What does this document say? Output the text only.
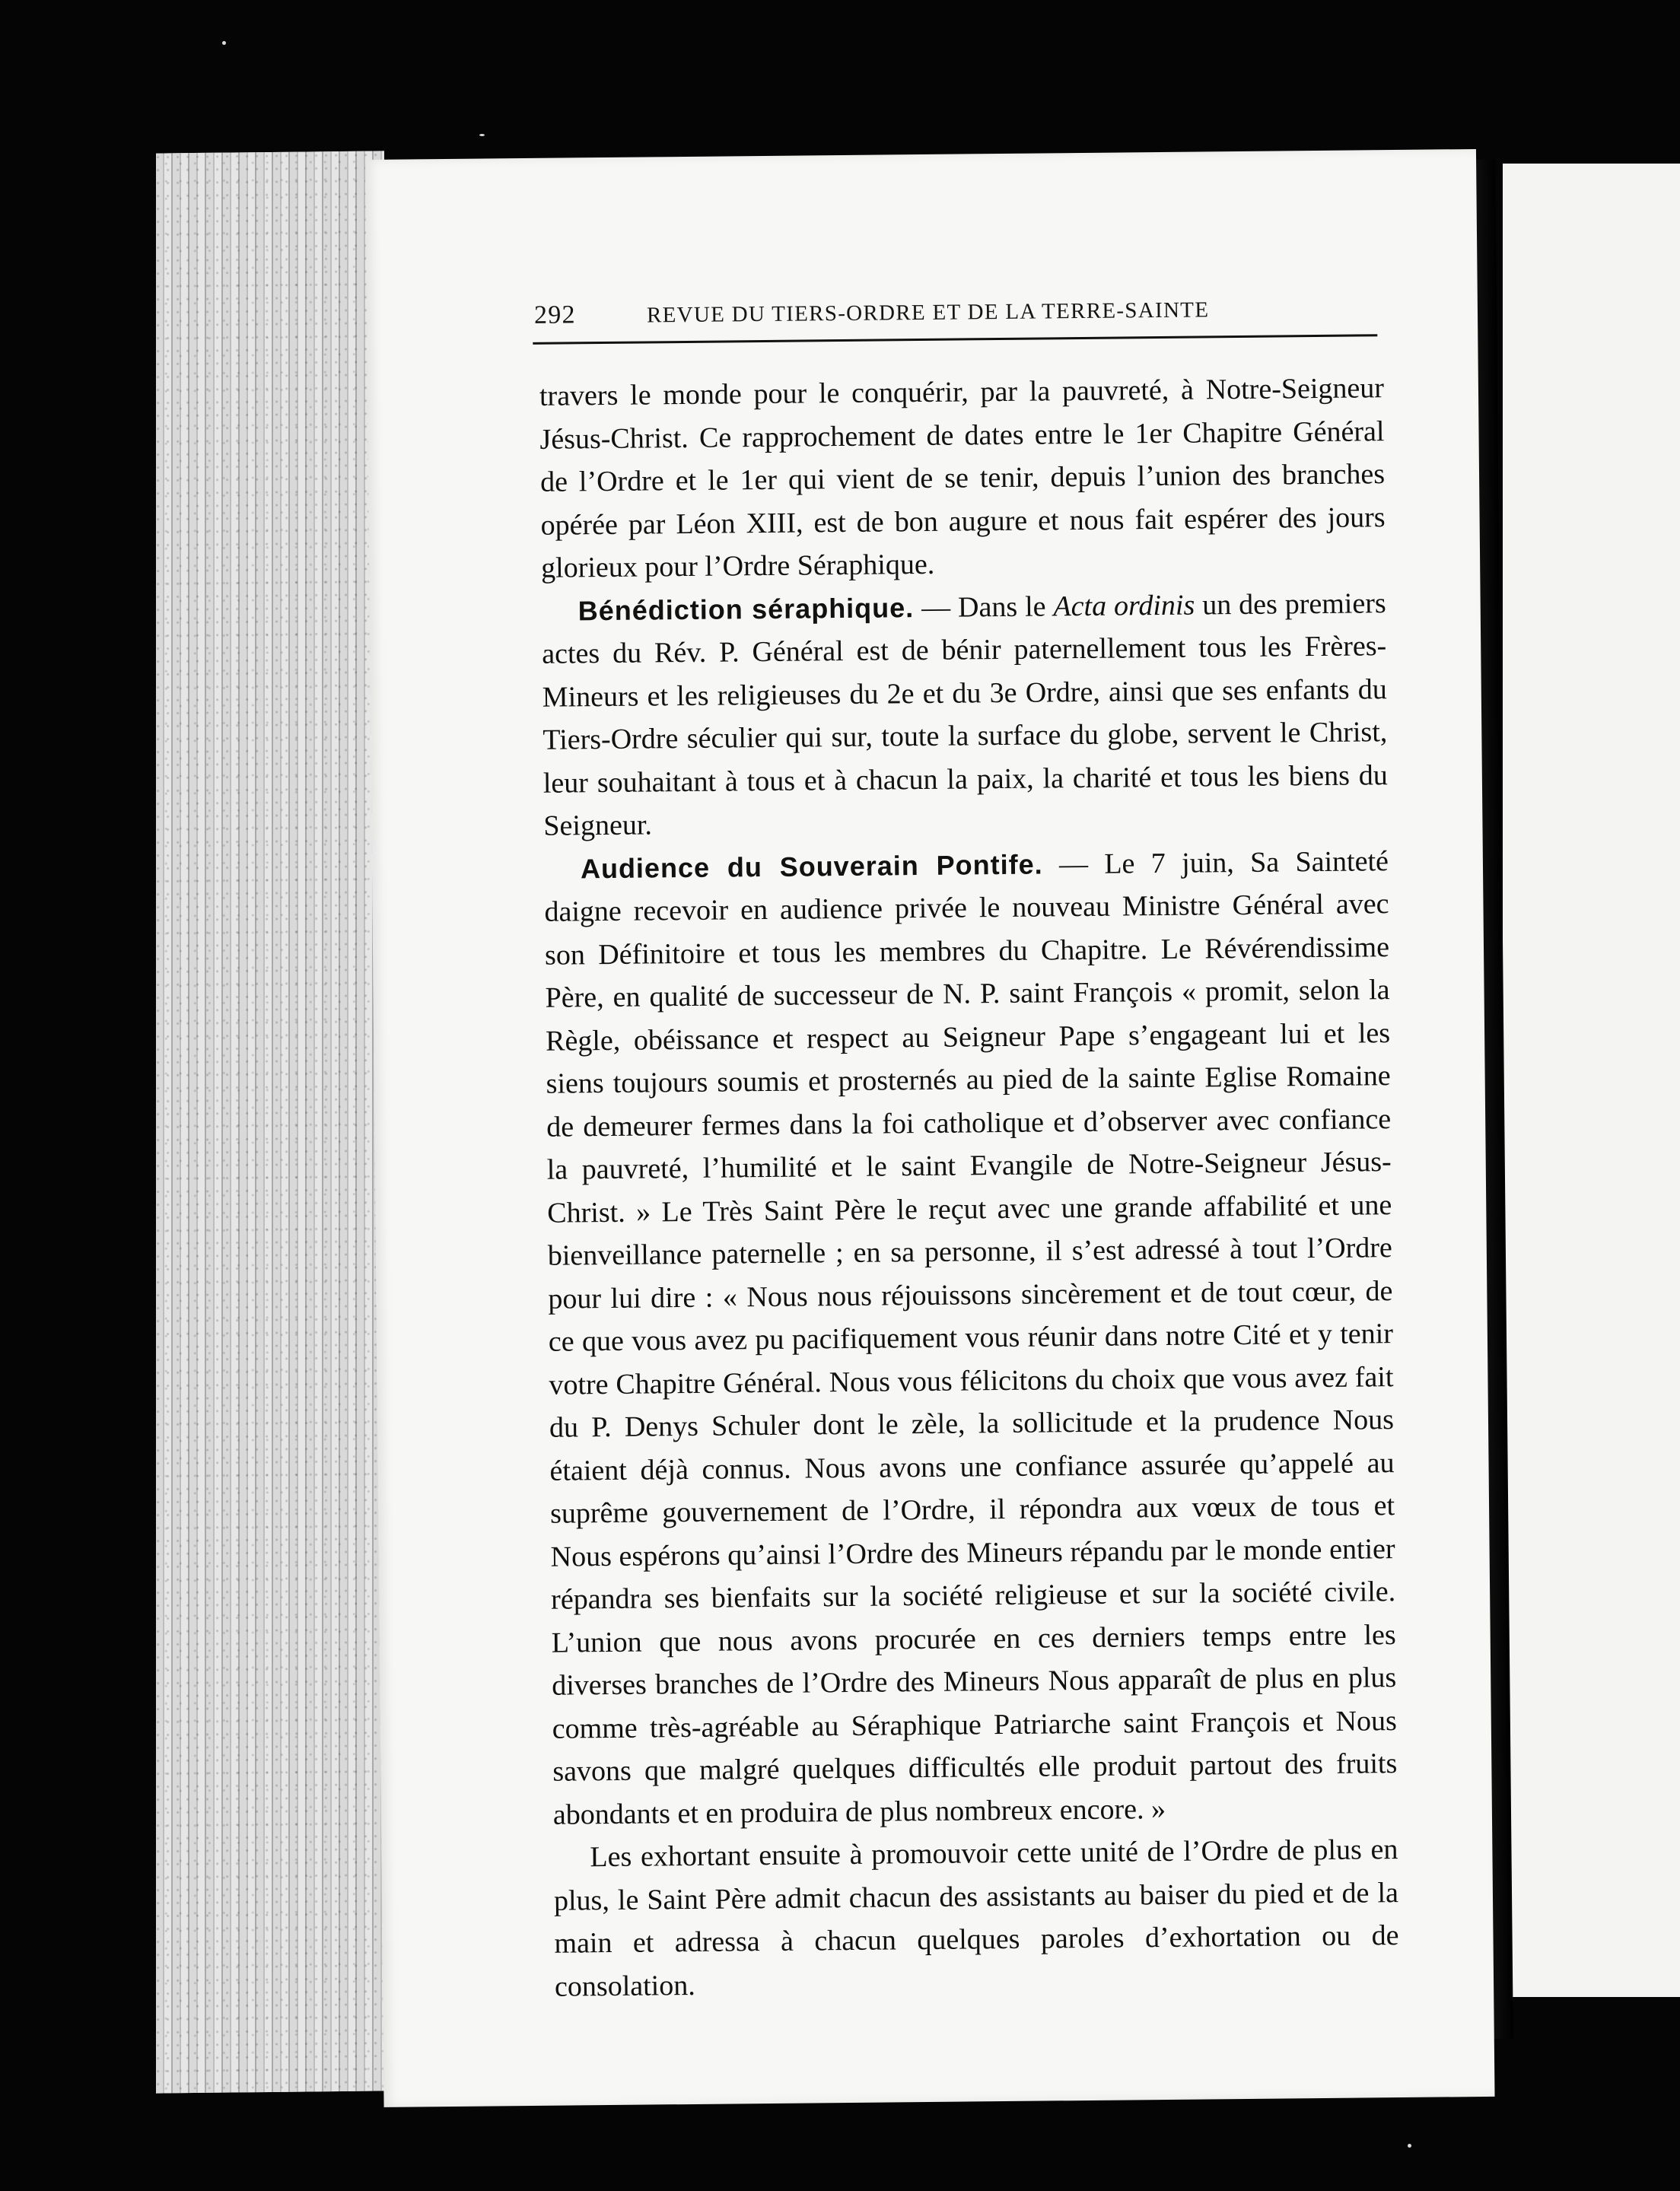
292	REVUE DU TIERS-ORDRE ET DE LA TERRE-SAINTE

travers le monde pour le conquérir, par la pauvreté, à Notre-Seigneur Jésus-Christ. Ce rapprochement de dates entre le 1er Chapitre Général de l’Ordre et le 1er qui vient de se tenir, depuis l’union des branches opérée par Léon XIII, est de bon augure et nous fait espérer des jours glorieux pour l’Ordre Séraphique.

Bénédiction séraphique. — Dans le Acta ordinis un des premiers actes du Rév. P. Général est de bénir paternellement tous les Frères-Mineurs et les religieuses du 2e et du 3e Ordre, ainsi que ses enfants du Tiers-Ordre séculier qui sur, toute la surface du globe, servent le Christ, leur souhaitant à tous et à chacun la paix, la charité et tous les biens du Seigneur.

Audience du Souverain Pontife. — Le 7 juin, Sa Sainteté daigne recevoir en audience privée le nouveau Ministre Général avec son Définitoire et tous les membres du Chapitre. Le Révérendissime Père, en qualité de successeur de N. P. saint François « promit, selon la Règle, obéissance et respect au Seigneur Pape s’engageant lui et les siens toujours soumis et prosternés au pied de la sainte Eglise Romaine de demeurer fermes dans la foi catholique et d’observer avec confiance la pauvreté, l’humilité et le saint Evangile de Notre-Seigneur Jésus-Christ. » Le Très Saint Père le reçut avec une grande affabilité et une bienveillance paternelle ; en sa personne, il s’est adressé à tout l’Ordre pour lui dire : « Nous nous réjouissons sincèrement et de tout cœur, de ce que vous avez pu pacifiquement vous réunir dans notre Cité et y tenir votre Chapitre Général. Nous vous félicitons du choix que vous avez fait du P. Denys Schuler dont le zèle, la sollicitude et la prudence Nous étaient déjà connus. Nous avons une confiance assurée qu’appelé au suprême gouvernement de l’Ordre, il répondra aux vœux de tous et Nous espérons qu’ainsi l’Ordre des Mineurs répandu par le monde entier répandra ses bienfaits sur la société religieuse et sur la société civile. L’union que nous avons procurée en ces derniers temps entre les diverses branches de l’Ordre des Mineurs Nous apparaît de plus en plus comme très-agréable au Séraphique Patriarche saint François et Nous savons que malgré quelques difficultés elle produit partout des fruits abondants et en produira de plus nombreux encore. »

Les exhortant ensuite à promouvoir cette unité de l’Ordre de plus en plus, le Saint Père admit chacun des assistants au baiser du pied et de la main et adressa à chacun quelques paroles d’exhortation ou de consolation.
